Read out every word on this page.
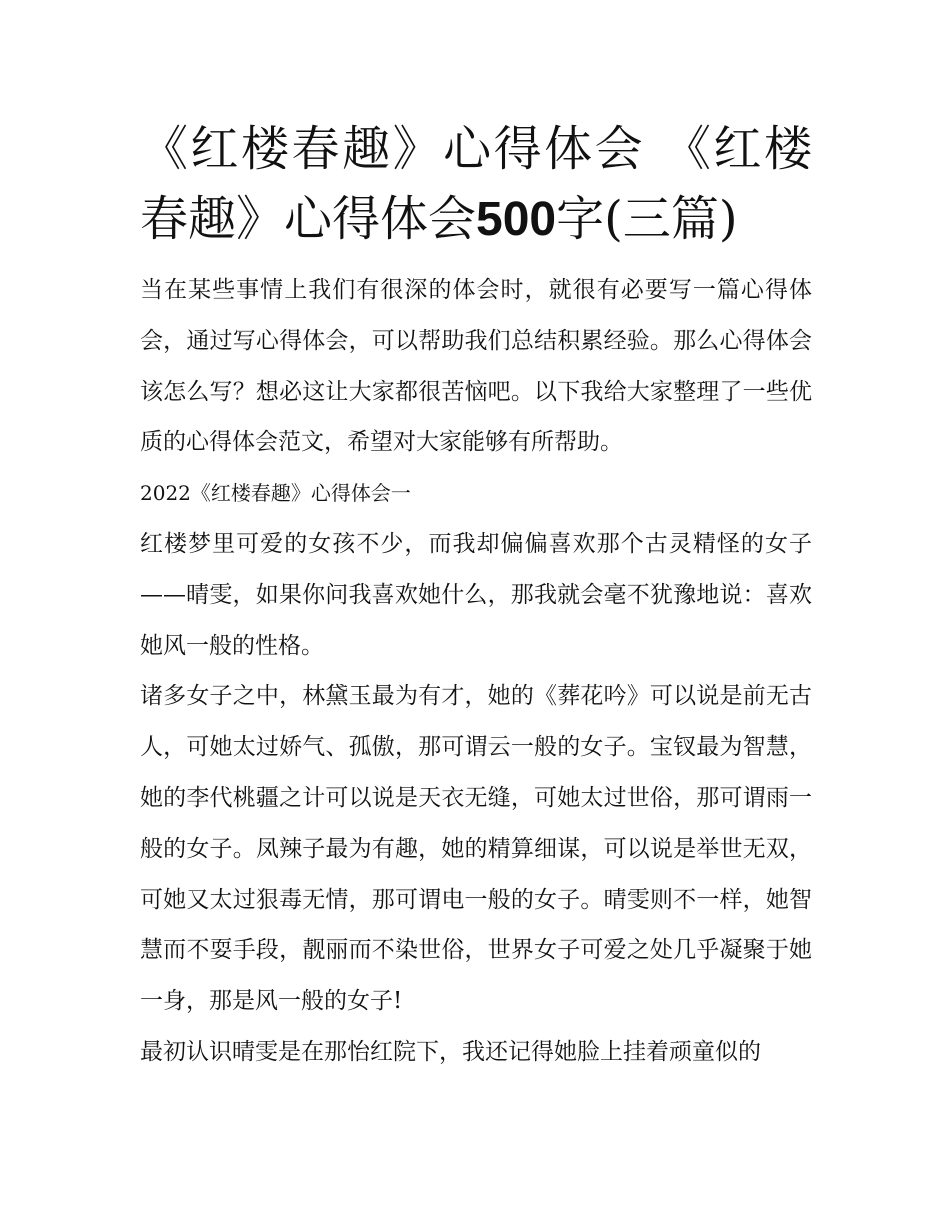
《红楼春趣》心得体会 《红楼春趣》心得体会500字(三篇)

当在某些事情上我们有很深的体会时，就很有必要写一篇心得体会，通过写心得体会，可以帮助我们总结积累经验。那么心得体会该怎么写？想必这让大家都很苦恼吧。以下我给大家整理了一些优质的心得体会范文，希望对大家能够有所帮助。

2022《红楼春趣》心得体会一

红楼梦里可爱的女孩不少，而我却偏偏喜欢那个古灵精怪的女子——晴雯，如果你问我喜欢她什么，那我就会毫不犹豫地说：喜欢她风一般的性格。

诸多女子之中，林黛玉最为有才，她的《葬花吟》可以说是前无古人，可她太过娇气、孤傲，那可谓云一般的女子。宝钗最为智慧，她的李代桃疆之计可以说是天衣无缝，可她太过世俗，那可谓雨一般的女子。凤辣子最为有趣，她的精算细谋，可以说是举世无双，可她又太过狠毒无情，那可谓电一般的女子。晴雯则不一样，她智慧而不耍手段，靓丽而不染世俗，世界女子可爱之处几乎凝聚于她一身，那是风一般的女子!

最初认识晴雯是在那怡红院下，我还记得她脸上挂着顽童似的
